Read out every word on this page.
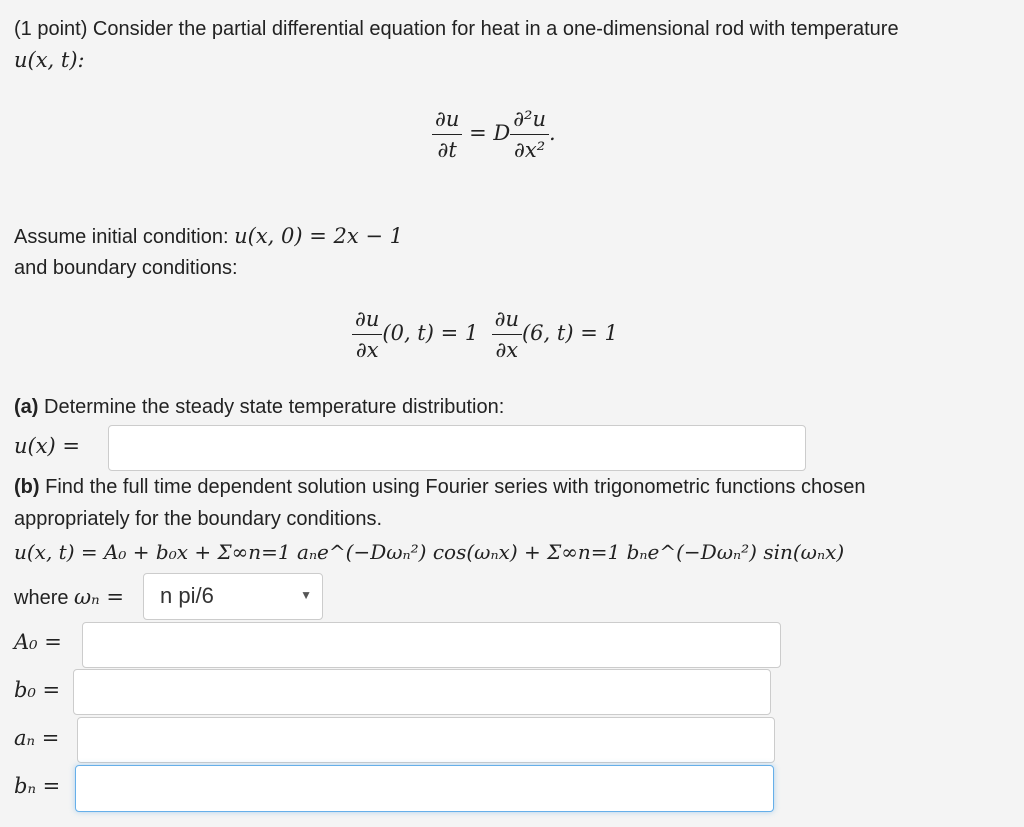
(1 point) Consider the partial differential equation for heat in a one-dimensional rod with temperature
u(x, t):
$\frac{\partial u}{\partial t} = D \frac{\text{∂²u}}{\text{∂x²}}$ .
Assume initial condition: u(x, 0) = 2x − 1
and boundary conditions:
$\frac{\partial u}{\partial x} (0$, $t) = 1 \frac{\partial u}{\partial x} (6$, t) = 1
(a) Determine the steady state temperature distribution:
u(x) =
(b) Find the full time dependent solution using Fourier series with trigonometric functions chosen
appropriately for the boundary conditions.
u(x, t) = A₀ + b₀x + Σ∞n=1 aₙe^(−Dωₙ²) cos(ωₙx) + Σ∞n=1 bₙe^(−Dωₙ²) sin(ωₙx)
where ωₙ =	n pi/6	▼
A₀ =
b₀ =
aₙ =
bₙ =
